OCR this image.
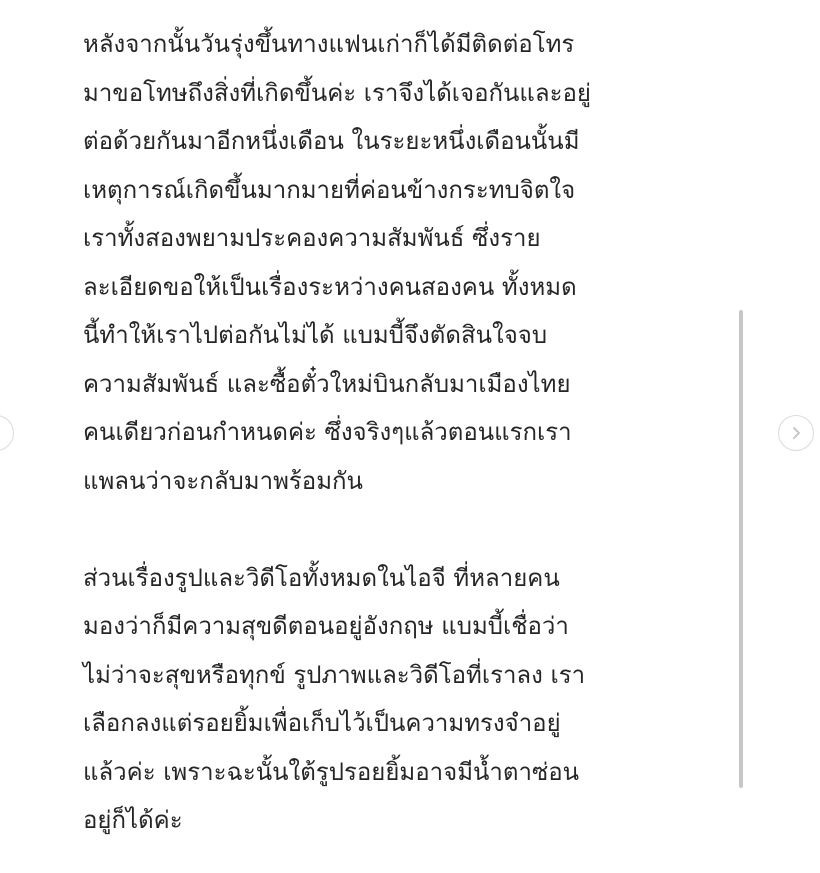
หลังจากนั้นวันรุ่งขึ้นทางแฟนเก่าก็ได้มีติดต่อโทร
มาขอโทษถึงสิ่งที่เกิดขึ้นค่ะ เราจึงได้เจอกันและอยู่
ต่อด้วยกันมาอีกหนึ่งเดือน ในระยะหนึ่งเดือนนั้นมี
เหตุการณ์เกิดขึ้นมากมายที่ค่อนข้างกระทบจิตใจ
เราทั้งสองพยามประคองความสัมพันธ์ ซึ่งราย
ละเอียดขอให้เป็นเรื่องระหว่างคนสองคน ทั้งหมด
นี้ทำให้เราไปต่อกันไม่ได้ แบมบี้จึงตัดสินใจจบ
ความสัมพันธ์ และซื้อตั๋วใหม่บินกลับมาเมืองไทย
คนเดียวก่อนกำหนดค่ะ ซึ่งจริงๆแล้วตอนแรกเรา
แพลนว่าจะกลับมาพร้อมกัน
ส่วนเรื่องรูปและวิดีโอทั้งหมดในไอจี ที่หลายคน
มองว่าก็มีความสุขดีตอนอยู่อังกฤษ แบมบี้เชื่อว่า
ไม่ว่าจะสุขหรือทุกข์ รูปภาพและวิดีโอที่เราลง เรา
เลือกลงแต่รอยยิ้มเพื่อเก็บไว้เป็นความทรงจำอยู่
แล้วค่ะ เพราะฉะนั้นใต้รูปรอยยิ้มอาจมีน้ำตาซ่อน
อยู่ก็ได้ค่ะ
